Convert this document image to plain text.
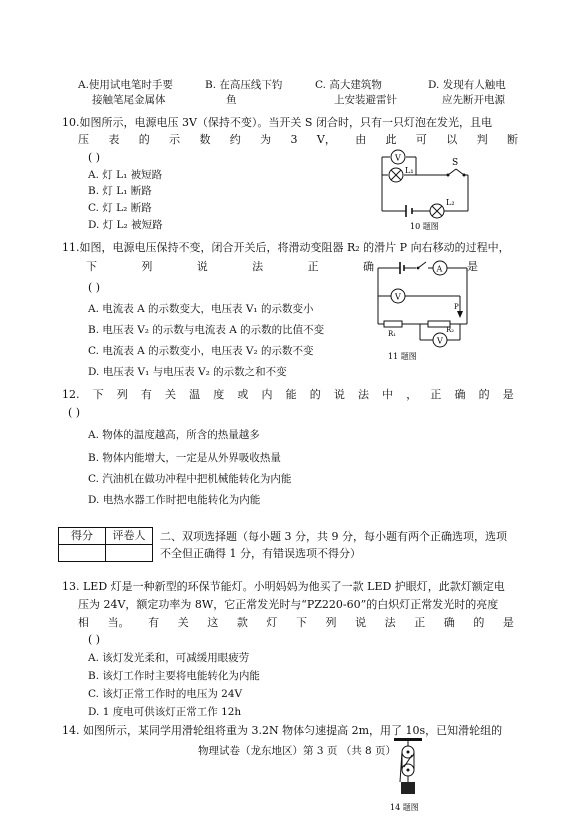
A.使用试电笔时手要
接触笔尾金属体
B. 在高压线下钓
鱼
C. 高大建筑物
上安装避雷针
D. 发现有人触电
应先断开电源
10.如图所示，电源电压 3V（保持不变）。当开关 S 闭合时，只有一只灯泡在发光，且电
压 表 的 示 数 约 为 3 V， 由 此 可 以 判 断
( )
A. 灯 L₁ 被短路
B. 灯 L₁ 断路
C. 灯 L₂ 断路
D. 灯 L₂ 被短路
V
L₁
S
L₂
10 题图
11.如图，电源电压保持不变，闭合开关后，将滑动变阻器 R₂ 的滑片 P 向右移动的过程中，
下	列	说	法	正	确	是
( )
A. 电流表 A 的示数变大，电压表 V₁ 的示数变小
B. 电压表 V₂ 的示数与电流表 A 的示数的比值不变
C. 电流表 A 的示数变小，电压表 V₂ 的示数不变
D. 电压表 V₁ 与电压表 V₂ 的示数之和不变
A
V
V
R₁	R₂
P
11 题图
12. 下 列 有 关 温 度 或 内 能 的 说 法 中 ， 正 确 的 是
( )
A. 物体的温度越高，所含的热量越多
B. 物体内能增大，一定是从外界吸收热量
C. 汽油机在做功冲程中把机械能转化为内能
D. 电热水器工作时把电能转化为内能
得分	评卷人
	二、双项选择题（每小题 3 分，共 9 分，每小题有两个正确选项，选项
不全但正确得 1 分，有错误选项不得分）
13. LED 灯是一种新型的环保节能灯。小明妈妈为他买了一款 LED 护眼灯，此款灯额定电
压为 24V，额定功率为 8W，它正常发光时与“PZ220-60”的白炽灯正常发光时的亮度
相 当。 有 关 这 款 灯 下 列 说 法 正 确 的 是
( )
A. 该灯发光柔和，可减缓用眼疲劳
B. 该灯工作时主要将电能转化为内能
C. 该灯正常工作时的电压为 24V
D. 1 度电可供该灯正常工作 12h
14. 如图所示，某同学用滑轮组将重为 3.2N 物体匀速提高 2m，用了 10s，已知滑轮组的
14 题图
物理试卷（龙东地区）第 3 页 （共 8 页）
